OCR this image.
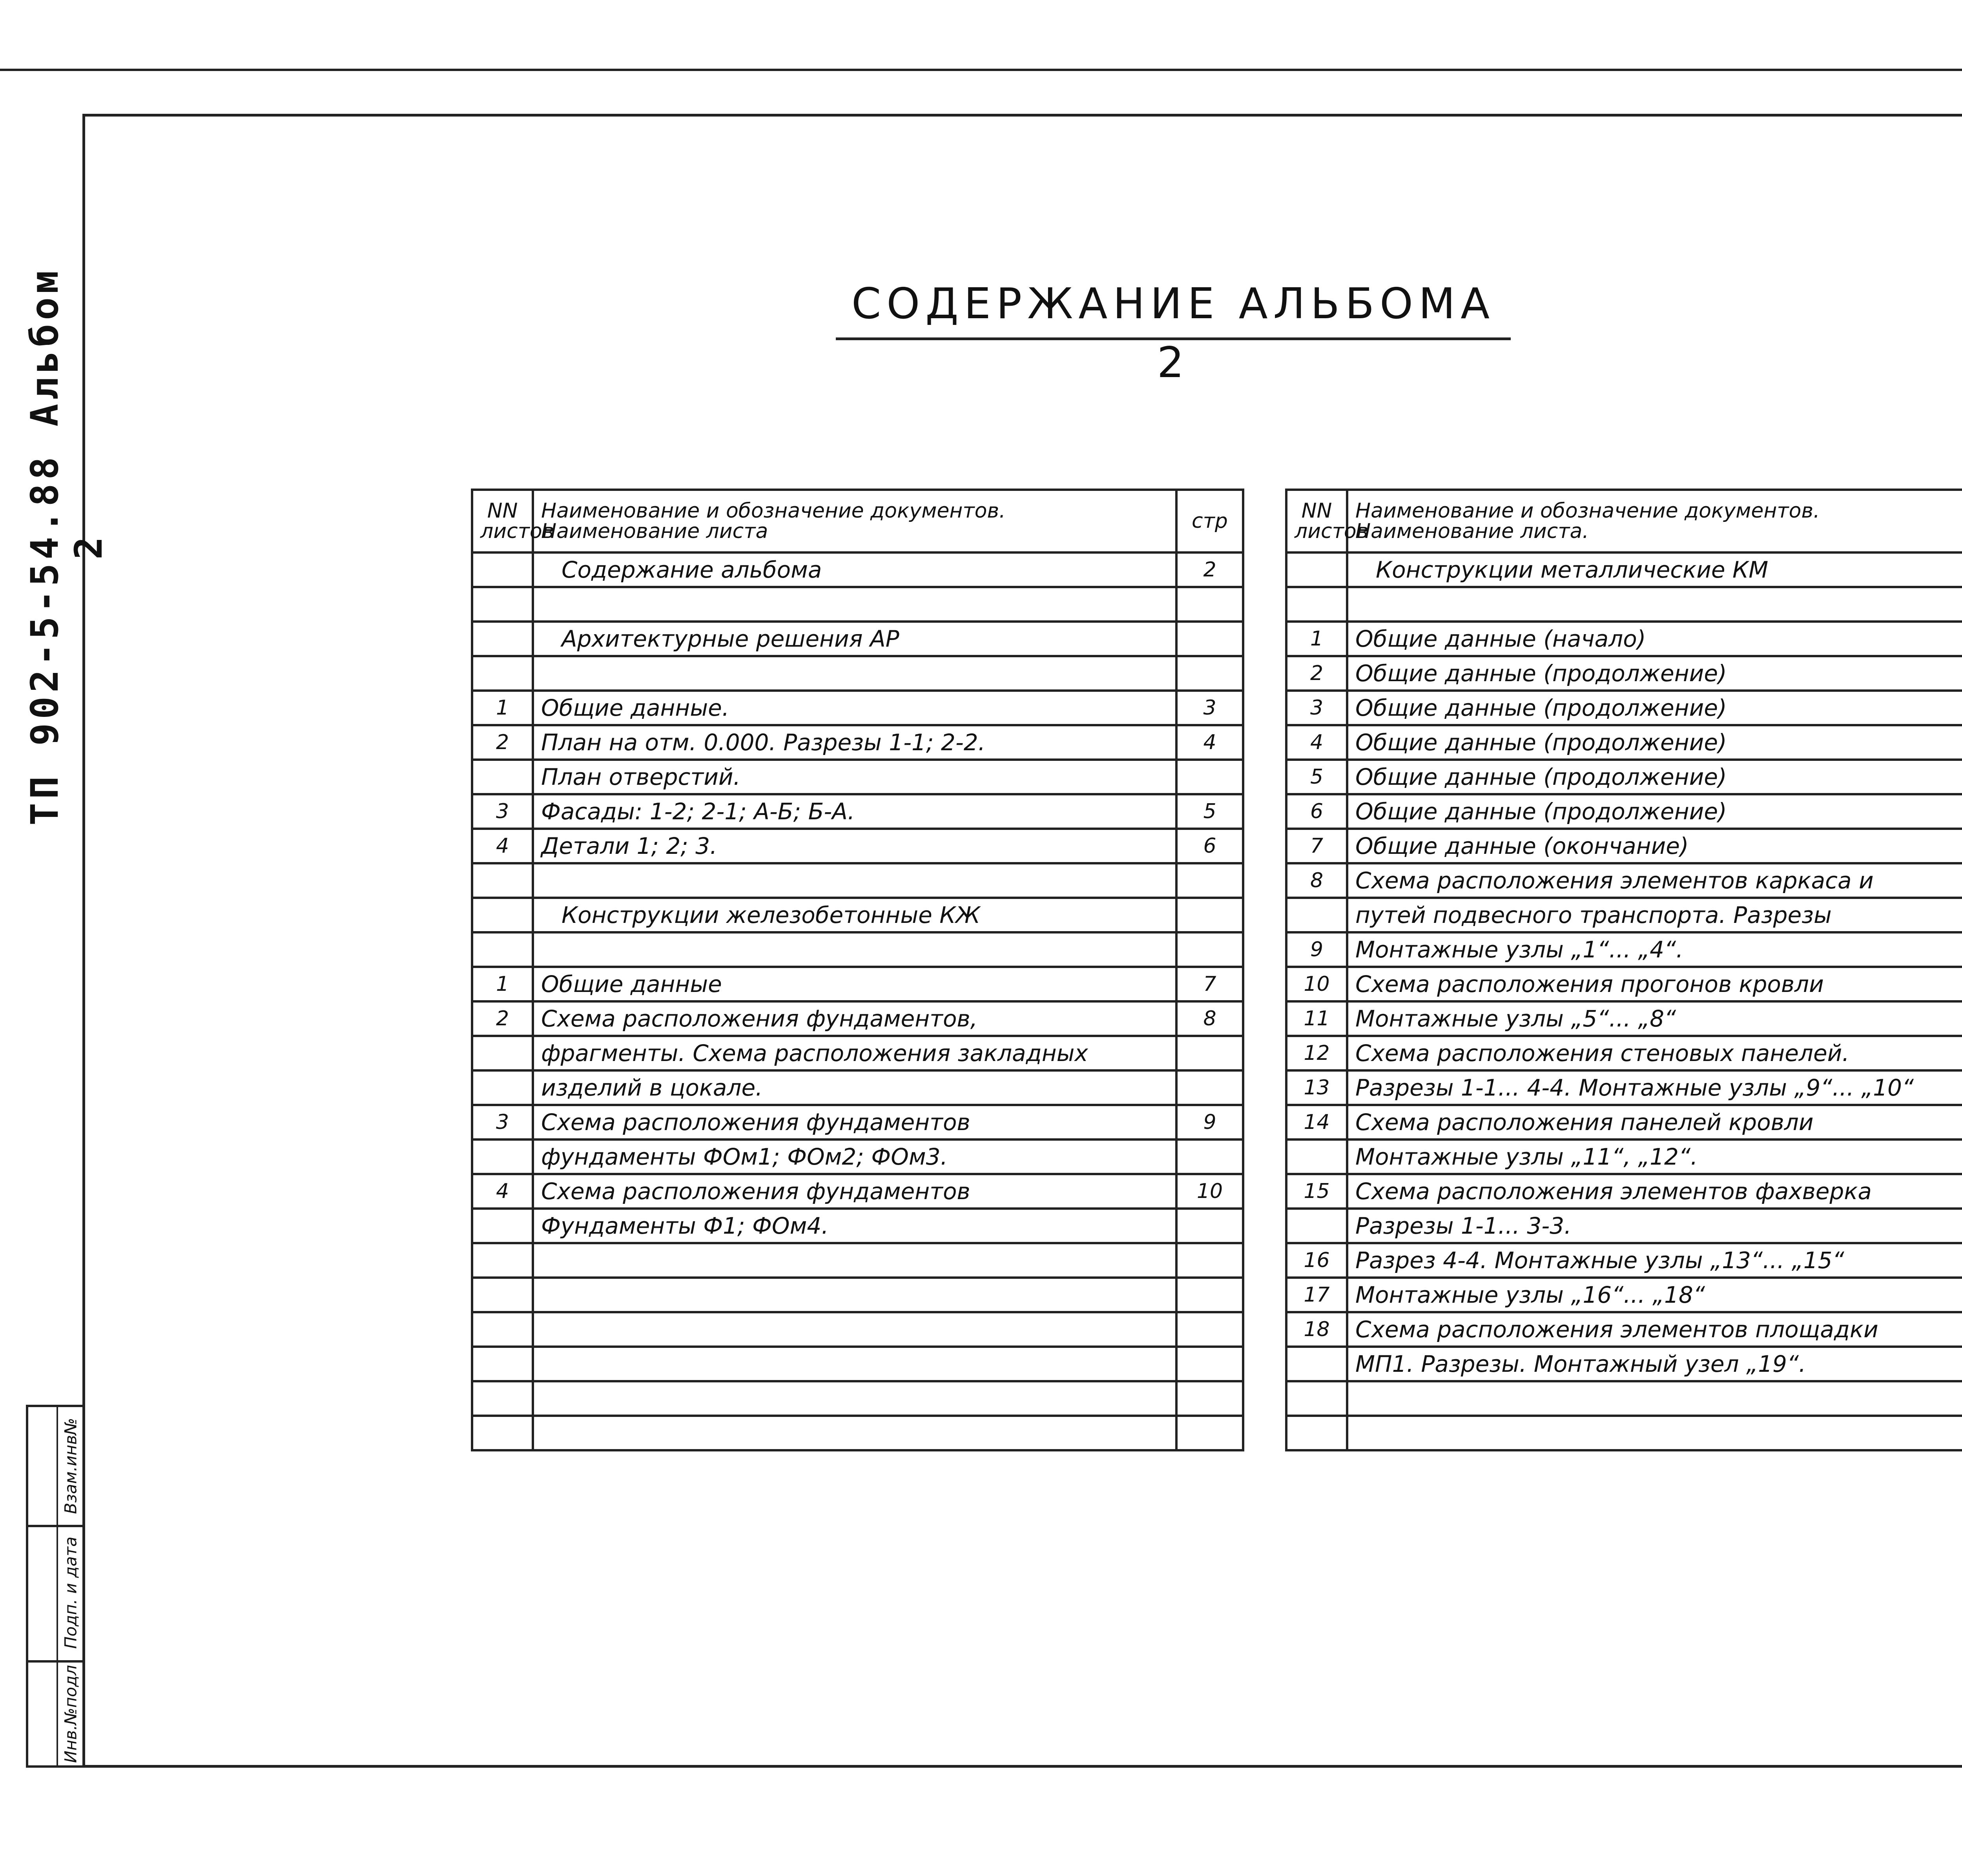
ТП 902-5-54.88 Альбом 2
Взам.инв№
Подп. и дата
Инв.№подл
СОДЕРЖАНИЕ АЛЬБОМА 2
NN листов	Наименование и обозначение документов. Наименование листа	стр
	Содержание альбома	2

	Архитектурные решения АР	

1	Общие данные.	3
2	План на отм. 0.000. Разрезы 1-1; 2-2.	4
	План отверстий.	
3	Фасады: 1-2; 2-1; А-Б; Б-А.	5
4	Детали 1; 2; 3.	6

	Конструкции железобетонные КЖ	

1	Общие данные	7
2	Схема расположения фундаментов,	8
	фрагменты. Схема расположения закладных	
	изделий в цокале.	
3	Схема расположения фундаментов	9
	фундаменты ФОм1; ФОм2; ФОм3.	
4	Схема расположения фундаментов	10
	Фундаменты Ф1; ФОм4.	

NN листов	Наименование и обозначение документов. Наименование листа.	
	Конструкции металлические КМ	

1	Общие данные (начало)	
2	Общие данные (продолжение)	
3	Общие данные (продолжение)	
4	Общие данные (продолжение)	
5	Общие данные (продолжение)	
6	Общие данные (продолжение)	
7	Общие данные (окончание)	
8	Схема расположения элементов каркаса и	
	путей подвесного транспорта. Разрезы	
9	Монтажные узлы „1“... „4“.	
10	Схема расположения прогонов кровли	
11	Монтажные узлы „5“... „8“	
12	Схема расположения стеновых панелей.	
13	Разрезы 1-1... 4-4. Монтажные узлы „9“... „10“	
14	Схема расположения панелей кровли	
	Монтажные узлы „11“, „12“.	
15	Схема расположения элементов фахверка	
	Разрезы 1-1... 3-3.	
16	Разрез 4-4. Монтажные узлы „13“... „15“	
17	Монтажные узлы „16“... „18“	
18	Схема расположения элементов площадки	
	МП1. Разрезы. Монтажный узел „19“.	
